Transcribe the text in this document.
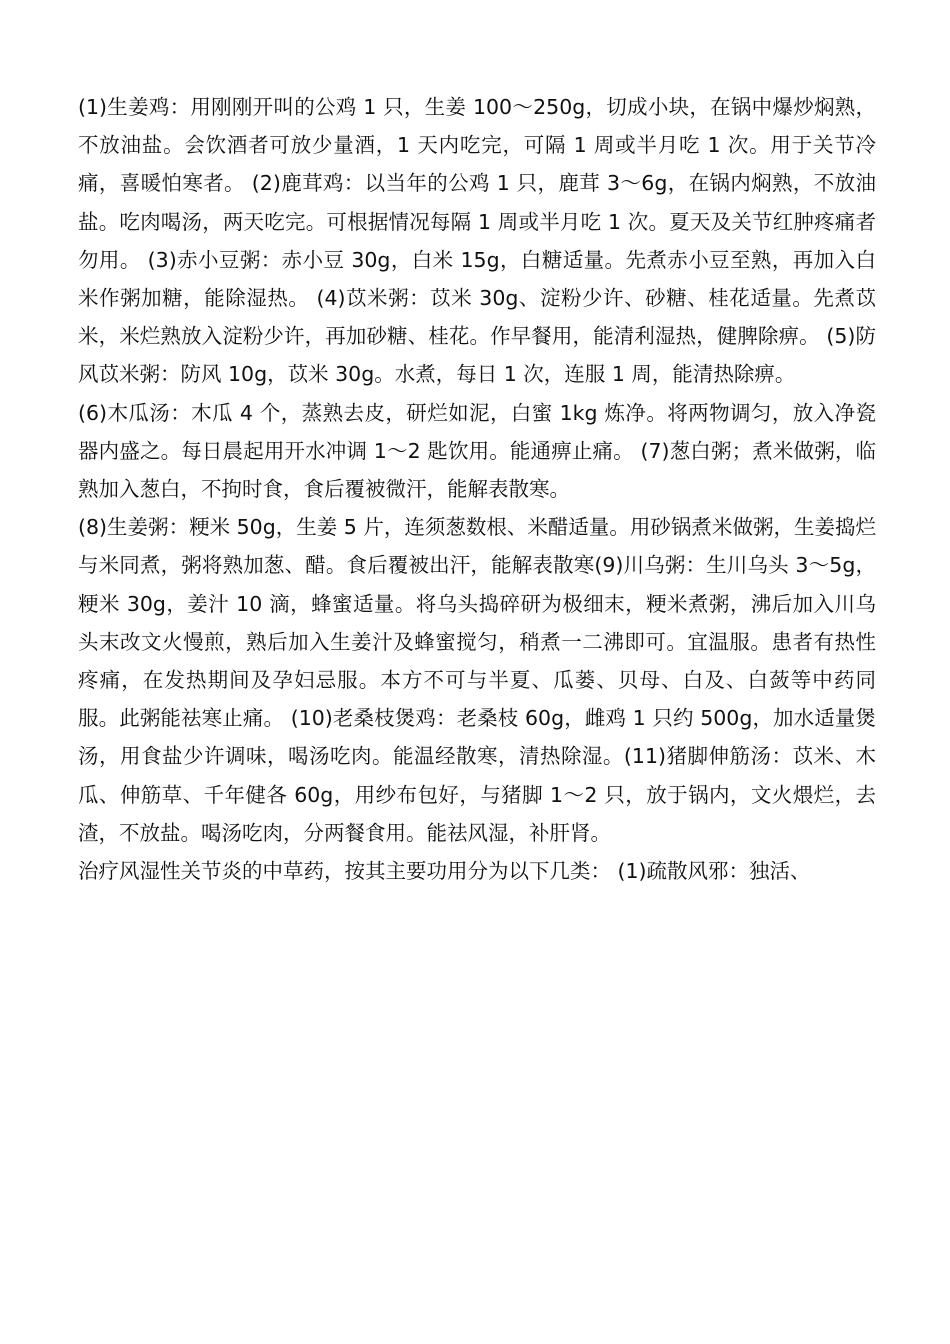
(1)生姜鸡：用刚刚开叫的公鸡 1 只，生姜 100～250g，切成小块，在锅中爆炒焖熟，不放油盐。会饮酒者可放少量酒，1 天内吃完，可隔 1 周或半月吃 1 次。用于关节冷痛，喜暖怕寒者。 (2)鹿茸鸡：以当年的公鸡 1 只，鹿茸 3～6g，在锅内焖熟，不放油盐。吃肉喝汤，两天吃完。可根据情况每隔 1 周或半月吃 1 次。夏天及关节红肿疼痛者勿用。 (3)赤小豆粥：赤小豆 30g，白米 15g，白糖适量。先煮赤小豆至熟，再加入白米作粥加糖，能除湿热。 (4)苡米粥：苡米 30g、淀粉少许、砂糖、桂花适量。先煮苡米，米烂熟放入淀粉少许，再加砂糖、桂花。作早餐用，能清利湿热，健脾除痹。 (5)防风苡米粥：防风 10g，苡米 30g。水煮，每日 1 次，连服 1 周，能清热除痹。

(6)木瓜汤：木瓜 4 个，蒸熟去皮，研烂如泥，白蜜 1kg 炼净。将两物调匀，放入净瓷器内盛之。每日晨起用开水冲调 1～2 匙饮用。能通痹止痛。 (7)葱白粥；煮米做粥，临熟加入葱白，不拘时食，食后覆被微汗，能解表散寒。

(8)生姜粥：粳米 50g，生姜 5 片，连须葱数根、米醋适量。用砂锅煮米做粥，生姜捣烂与米同煮，粥将熟加葱、醋。食后覆被出汗，能解表散寒(9)川乌粥：生川乌头 3～5g，粳米 30g，姜汁 10 滴，蜂蜜适量。将乌头捣碎研为极细末，粳米煮粥，沸后加入川乌头末改文火慢煎，熟后加入生姜汁及蜂蜜搅匀，稍煮一二沸即可。宜温服。患者有热性疼痛，在发热期间及孕妇忌服。本方不可与半夏、瓜蒌、贝母、白及、白蔹等中药同服。此粥能祛寒止痛。 (10)老桑枝煲鸡：老桑枝 60g，雌鸡 1 只约 500g，加水适量煲汤，用食盐少许调味，喝汤吃肉。能温经散寒，清热除湿。(11)猪脚伸筋汤：苡米、木瓜、伸筋草、千年健各 60g，用纱布包好，与猪脚 1～2 只，放于锅内，文火煨烂，去渣，不放盐。喝汤吃肉，分两餐食用。能祛风湿，补肝肾。

治疗风湿性关节炎的中草药，按其主要功用分为以下几类： (1)疏散风邪：独活、
